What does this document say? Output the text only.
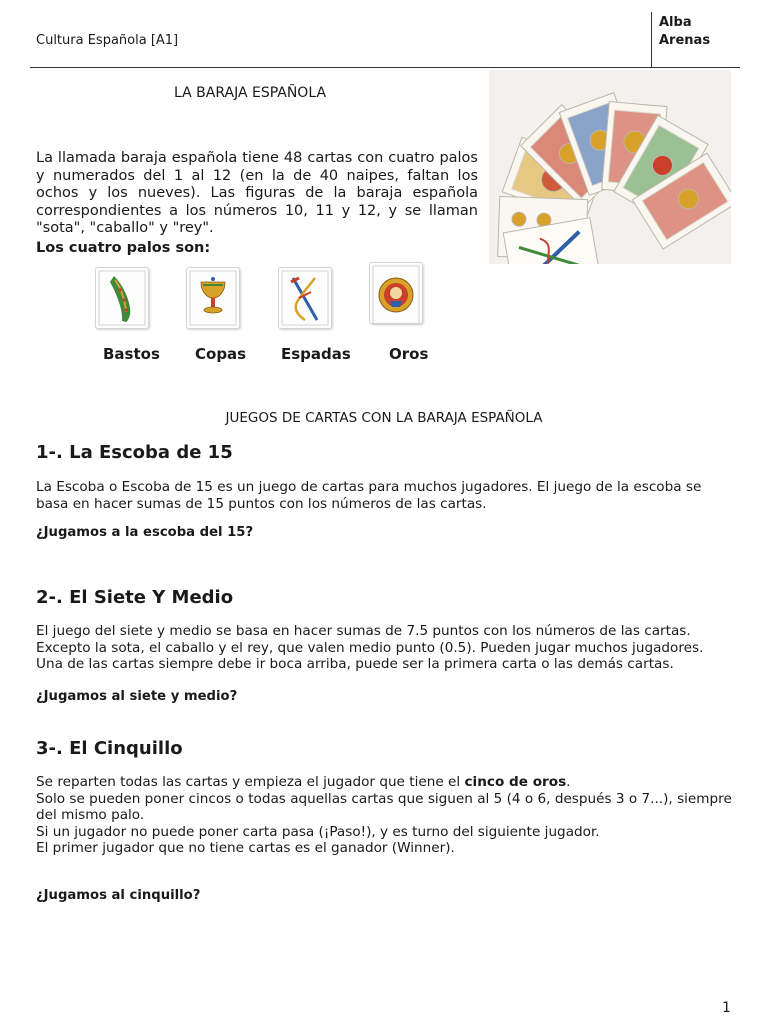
Cultura Española [A1]
Alba
Arenas
LA BARAJA ESPAÑOLA
La llamada baraja española tiene 48 cartas con cuatro palos y numerados del 1 al 12 (en la de 40 naipes, faltan los ochos y los nueves). Las figuras de la baraja española correspondientes a los números 10, 11 y 12, y se llaman "sota", "caballo" y "rey".
Los cuatro palos son:
Bastos Copas Espadas	Oros
JUEGOS DE CARTAS CON LA BARAJA ESPAÑOLA
1-. La Escoba de 15
La Escoba o Escoba de 15 es un juego de cartas para muchos jugadores. El juego de la escoba se basa en hacer sumas de 15 puntos con los números de las cartas.
¿Jugamos a la escoba del 15?
2-. El Siete Y Medio
El juego del siete y medio se basa en hacer sumas de 7.5 puntos con los números de las cartas. Excepto la sota, el caballo y el rey, que valen medio punto (0.5). Pueden jugar muchos jugadores. Una de las cartas siempre debe ir boca arriba, puede ser la primera carta o las demás cartas.
¿Jugamos al siete y medio?
3-. El Cinquillo
Se reparten todas las cartas y empieza el jugador que tiene el cinco de oros.
Solo se pueden poner cincos o todas aquellas cartas que siguen al 5 (4 o 6, después 3 o 7...), siempre del mismo palo.
Si un jugador no puede poner carta pasa (¡Paso!), y es turno del siguiente jugador.
El primer jugador que no tiene cartas es el ganador (Winner).
¿Jugamos al cinquillo?
1
